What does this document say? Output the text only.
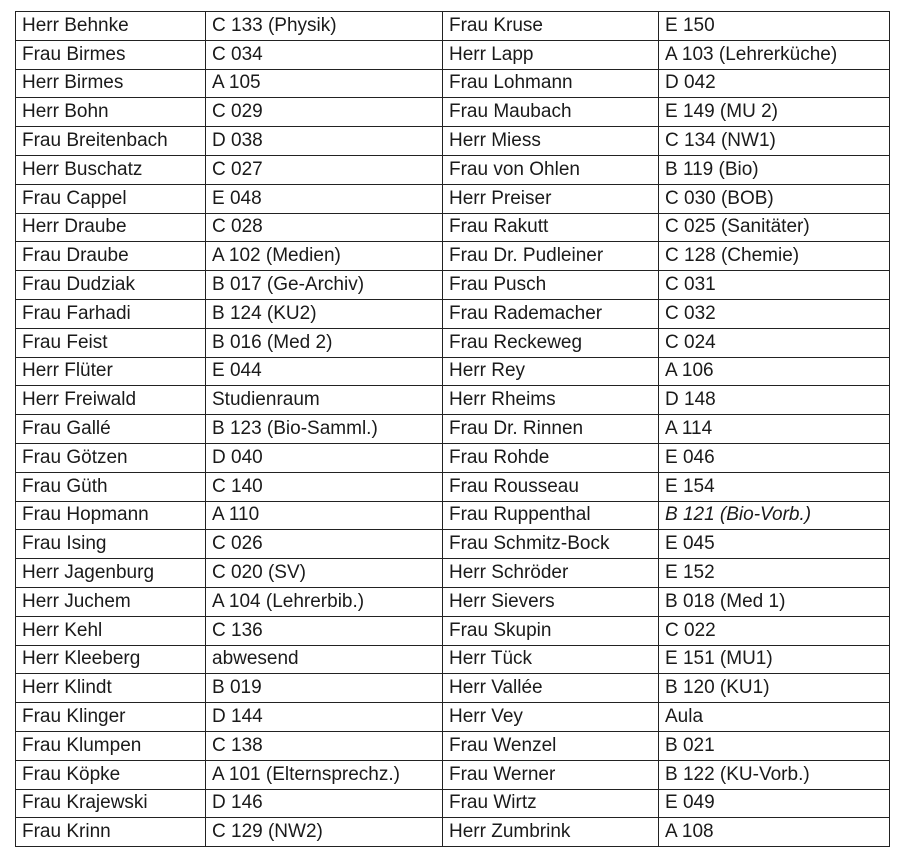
Herr Behnke	C 133 (Physik)	Frau Kruse	E 150
Frau Birmes	C 034	Herr Lapp	A 103 (Lehrerküche)
Herr Birmes	A 105	Frau Lohmann	D 042
Herr Bohn	C 029	Frau Maubach	E 149 (MU 2)
Frau Breitenbach	D 038	Herr Miess	C 134 (NW1)
Herr Buschatz	C 027	Frau von Ohlen	B 119 (Bio)
Frau Cappel	E 048	Herr Preiser	C 030 (BOB)
Herr Draube	C 028	Frau Rakutt	C 025 (Sanitäter)
Frau Draube	A 102 (Medien)	Frau Dr. Pudleiner	C 128 (Chemie)
Frau Dudziak	B 017 (Ge-Archiv)	Frau Pusch	C 031
Frau Farhadi	B 124 (KU2)	Frau Rademacher	C 032
Frau Feist	B 016 (Med 2)	Frau Reckeweg	C 024
Herr Flüter	E 044	Herr Rey	A 106
Herr Freiwald	Studienraum	Herr Rheims	D 148
Frau Gallé	B 123 (Bio-Samml.)	Frau Dr. Rinnen	A 114
Frau Götzen	D 040	Frau Rohde	E 046
Frau Güth	C 140	Frau Rousseau	E 154
Frau Hopmann	A 110	Frau Ruppenthal	B 121 (Bio-Vorb.)
Frau Ising	C 026	Frau Schmitz-Bock	E 045
Herr Jagenburg	C 020 (SV)	Herr Schröder	E 152
Herr Juchem	A 104 (Lehrerbib.)	Herr Sievers	B 018 (Med 1)
Herr Kehl	C 136	Frau Skupin	C 022
Herr Kleeberg	abwesend	Herr Tück	E 151 (MU1)
Herr Klindt	B 019	Herr Vallée	B 120 (KU1)
Frau Klinger	D 144	Herr Vey	Aula
Frau Klumpen	C 138	Frau Wenzel	B 021
Frau Köpke	A 101 (Elternsprechz.)	Frau Werner	B 122 (KU-Vorb.)
Frau Krajewski	D 146	Frau Wirtz	E 049
Frau Krinn	C 129 (NW2)	Herr Zumbrink	A 108
